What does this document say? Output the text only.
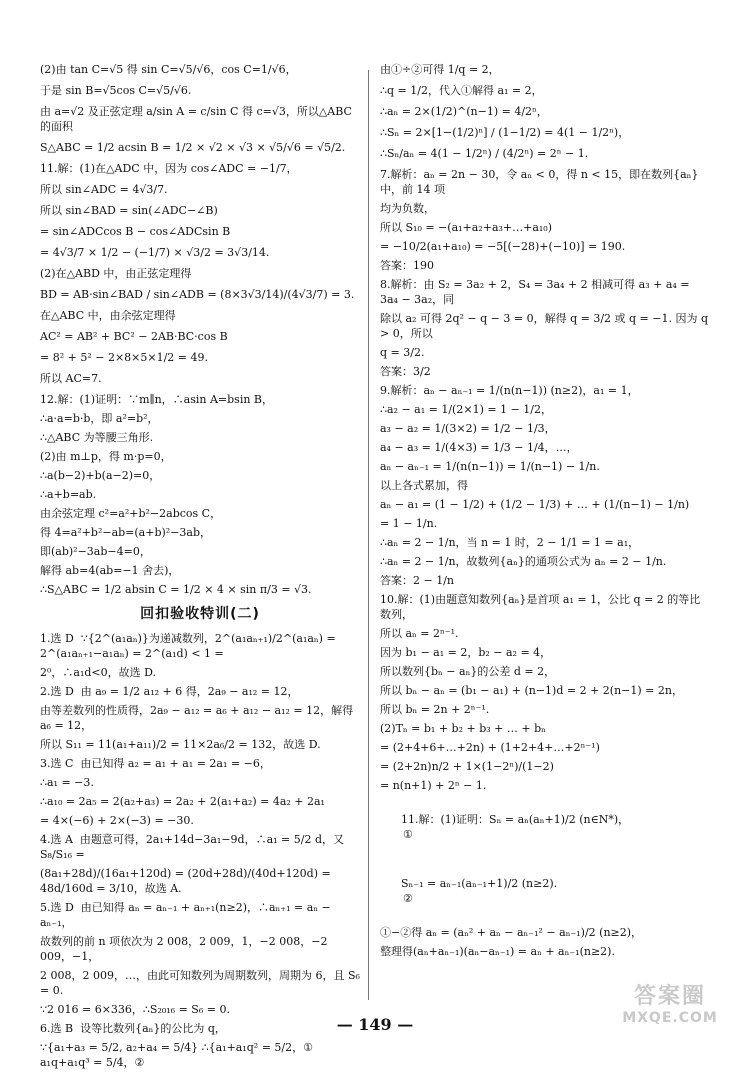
(2)由 tan C=√5 得 sin C=√5/√6，cos C=1/√6，
于是 sin B=√5cos C=√5/√6.
由 a=√2 及正弦定理 a/sin A = c/sin C 得 c=√3，所以△ABC 的面积
S△ABC = 1/2 acsin B = 1/2 × √2 × √3 × √5/√6 = √5/2.
11.解：(1)在△ADC 中，因为 cos∠ADC = −1/7，
所以 sin∠ADC = 4√3/7.
所以 sin∠BAD = sin(∠ADC−∠B)
= sin∠ADCcos B − cos∠ADCsin B
= 4√3/7 × 1/2 − (−1/7) × √3/2 = 3√3/14.
(2)在△ABD 中，由正弦定理得
BD = AB·sin∠BAD / sin∠ADB = (8×3√3/14)/(4√3/7) = 3.
在△ABC 中，由余弦定理得
AC² = AB² + BC² − 2AB·BC·cos B
= 8² + 5² − 2×8×5×1/2 = 49.
所以 AC=7.
12.解：(1)证明：∵m∥n，∴asin A=bsin B，
∴a·a=b·b，即 a²=b²，
∴△ABC 为等腰三角形.
(2)由 m⊥p，得 m·p=0，
∴a(b−2)+b(a−2)=0，
∴a+b=ab.
由余弦定理 c²=a²+b²−2abcos C，
得 4=a²+b²−ab=(a+b)²−3ab，
即(ab)²−3ab−4=0，
解得 ab=4(ab=−1 舍去)，
∴S△ABC = 1/2 absin C = 1/2 × 4 × sin π/3 = √3.
回扣验收特训(二)
1.选 D  ∵{2^(a₁aₙ)}为递减数列，2^(a₁aₙ₊₁)/2^(a₁aₙ) = 2^(a₁aₙ₊₁−a₁aₙ) = 2^(a₁d) < 1 =
2⁰，∴a₁d<0，故选 D.
2.选 D  由 a₉ = 1/2 a₁₂ + 6 得，2a₉ − a₁₂ = 12，
由等差数列的性质得，2a₉ − a₁₂ = a₆ + a₁₂ − a₁₂ = 12，解得 a₆ = 12，
所以 S₁₁ = 11(a₁+a₁₁)/2 = 11×2a₆/2 = 132，故选 D.
3.选 C  由已知得 a₂ = a₁ + a₁ = 2a₁ = −6，
∴a₁ = −3.
∴a₁₀ = 2a₅ = 2(a₂+a₃) = 2a₂ + 2(a₁+a₂) = 4a₂ + 2a₁
= 4×(−6) + 2×(−3) = −30.
4.选 A  由题意可得，2a₁+14d−3a₁−9d，∴a₁ = 5/2 d，又 S₈/S₁₆ =
(8a₁+28d)/(16a₁+120d) = (20d+28d)/(40d+120d) = 48d/160d = 3/10，故选 A.
5.选 D  由已知得 aₙ = aₙ₋₁ + aₙ₊₁(n≥2)，∴aₙ₊₁ = aₙ − aₙ₋₁，
故数列的前 n 项依次为 2 008，2 009，1，−2 008，−2 009，−1，
2 008，2 009，…，由此可知数列为周期数列，周期为 6，且 S₆ = 0.
∵2 016 = 6×336，∴S₂₀₁₆ = S₆ = 0.
6.选 B  设等比数列{aₙ}的公比为 q，
∵{a₁+a₃ = 5/2, a₂+a₄ = 5/4} ∴{a₁+a₁q² = 5/2，①  a₁q+a₁q³ = 5/4，②
由①÷②可得 1/q = 2，
∴q = 1/2，代入①解得 a₁ = 2，
∴aₙ = 2×(1/2)^(n−1) = 4/2ⁿ，
∴Sₙ = 2×[1−(1/2)ⁿ] / (1−1/2) = 4(1 − 1/2ⁿ)，
∴Sₙ/aₙ = 4(1 − 1/2ⁿ) / (4/2ⁿ) = 2ⁿ − 1.
7.解析：aₙ = 2n − 30，令 aₙ < 0，得 n < 15，即在数列{aₙ}中，前 14 项
均为负数，
所以 S₁₀ = −(a₁+a₂+a₃+…+a₁₀)
= −10/2(a₁+a₁₀) = −5[(−28)+(−10)] = 190.
答案：190
8.解析：由 S₂ = 3a₂ + 2，S₄ = 3a₄ + 2 相减可得 a₃ + a₄ = 3a₄ − 3a₂，同
除以 a₂ 可得 2q² − q − 3 = 0，解得 q = 3/2 或 q = −1. 因为 q > 0，所以
q = 3/2.
答案：3/2
9.解析：aₙ − aₙ₋₁ = 1/(n(n−1)) (n≥2)，a₁ = 1，
∴a₂ − a₁ = 1/(2×1) = 1 − 1/2，
a₃ − a₂ = 1/(3×2) = 1/2 − 1/3，
a₄ − a₃ = 1/(4×3) = 1/3 − 1/4，…，
aₙ − aₙ₋₁ = 1/(n(n−1)) = 1/(n−1) − 1/n.
以上各式累加，得
aₙ − a₁ = (1 − 1/2) + (1/2 − 1/3) + … + (1/(n−1) − 1/n)
= 1 − 1/n.
∴aₙ = 2 − 1/n，当 n = 1 时，2 − 1/1 = 1 = a₁，
∴aₙ = 2 − 1/n，故数列{aₙ}的通项公式为 aₙ = 2 − 1/n.
答案：2 − 1/n
10.解：(1)由题意知数列{aₙ}是首项 a₁ = 1，公比 q = 2 的等比数列，
所以 aₙ = 2ⁿ⁻¹.
因为 b₁ − a₁ = 2，b₂ − a₂ = 4，
所以数列{bₙ − aₙ}的公差 d = 2，
所以 bₙ − aₙ = (b₁ − a₁) + (n−1)d = 2 + 2(n−1) = 2n，
所以 bₙ = 2n + 2ⁿ⁻¹.
(2)Tₙ = b₁ + b₂ + b₃ + … + bₙ
= (2+4+6+…+2n) + (1+2+4+…+2ⁿ⁻¹)
= (2+2n)n/2 + 1×(1−2ⁿ)/(1−2)
= n(n+1) + 2ⁿ − 1.

11.解：(1)证明：Sₙ = aₙ(aₙ+1)/2 (n∈N*)，
①

Sₙ₋₁ = aₙ₋₁(aₙ₋₁+1)/2 (n≥2).
②

①−②得 aₙ = (aₙ² + aₙ − aₙ₋₁² − aₙ₋₁)/2 (n≥2)，
整理得(aₙ+aₙ₋₁)(aₙ−aₙ₋₁) = aₙ + aₙ₋₁(n≥2).
— 149 —
答案圈
MXQE.COM
